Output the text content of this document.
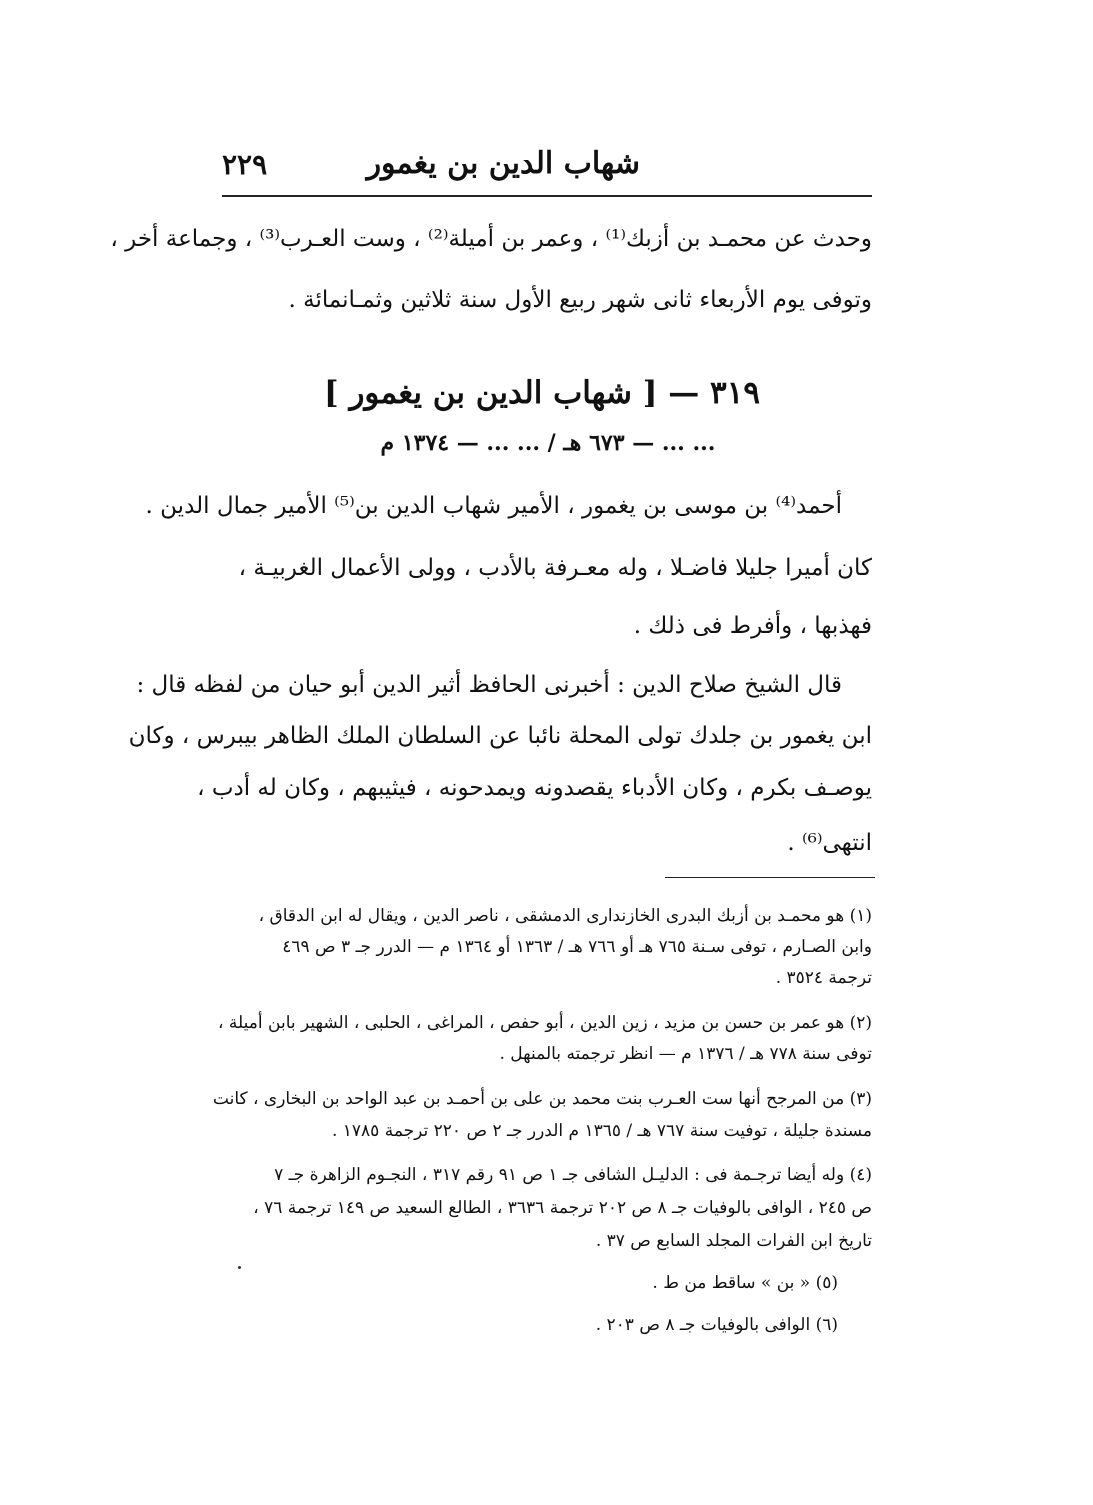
شهاب الدين بن يغمور
٢٢٩
وحدث عن محمـد بن أزبك⁽¹⁾ ، وعمر بن أميلة⁽²⁾ ، وست العـرب⁽³⁾ ، وجماعة أخر ،
وتوفى يوم الأربعاء ثانى شهر ربيع الأول سنة ثلاثين وثمـانمائة .
٣١٩ — [ شهاب الدين بن يغمور ]
... ... — ٦٧٣ هـ / ... ... — ١٣٧٤ م
أحمد⁽⁴⁾ بن موسى بن يغمور ، الأمير شهاب الدين بن⁽⁵⁾ الأمير جمال الدين .
كان أميرا جليلا فاضـلا ، وله معـرفة بالأدب ، وولى الأعمال الغربيـة ،
فهذبها ، وأفرط فى ذلك .
قال الشيخ صلاح الدين : أخبرنى الحافظ أثير الدين أبو حيان من لفظه قال :
ابن يغمور بن جلدك تولى المحلة نائبا عن السلطان الملك الظاهر بيبرس ، وكان
يوصـف بكرم ، وكان الأدباء يقصدونه ويمدحونه ، فيثيبهم ، وكان له أدب ،
انتهى⁽⁶⁾ .
(١) هو محمـد بن أزبك البدرى الخازندارى الدمشقى ، ناصر الدين ، ويقال له ابن الدقاق ،
وابن الصـارم ، توفى سـنة ٧٦٥ هـ أو ٧٦٦ هـ / ١٣٦٣ أو ١٣٦٤ م — الدرر جـ ٣ ص ٤٦٩
ترجمة ٣٥٢٤ .
(٢) هو عمر بن حسن بن مزيد ، زين الدين ، أبو حفص ، المراغى ، الحلبى ، الشهير بابن أميلة ،
توفى سنة ٧٧٨ هـ / ١٣٧٦ م — انظر ترجمته بالمنهل .
(٣) من المرجح أنها ست العـرب بنت محمد بن على بن أحمـد بن عبد الواحد بن البخارى ، كانت
مسندة جليلة ، توفيت سنة ٧٦٧ هـ / ١٣٦٥ م الدرر جـ ٢ ص ٢٢٠ ترجمة ١٧٨٥ .
(٤) وله أيضا ترجـمة فى : الدليـل الشافى جـ ١ ص ٩١ رقم ٣١٧ ، النجـوم الزاهرة جـ ٧
ص ٢٤٥ ، الوافى بالوفيات جـ ٨ ص ٢٠٢ ترجمة ٣٦٣٦ ، الطالع السعيد ص ١٤٩ ترجمة ٧٦ ،
تاريخ ابن الفرات المجلد السابع ص ٣٧ .
(٥) « بن » ساقط من ط .
(٦) الوافى بالوفيات جـ ٨ ص ٢٠٣ .
